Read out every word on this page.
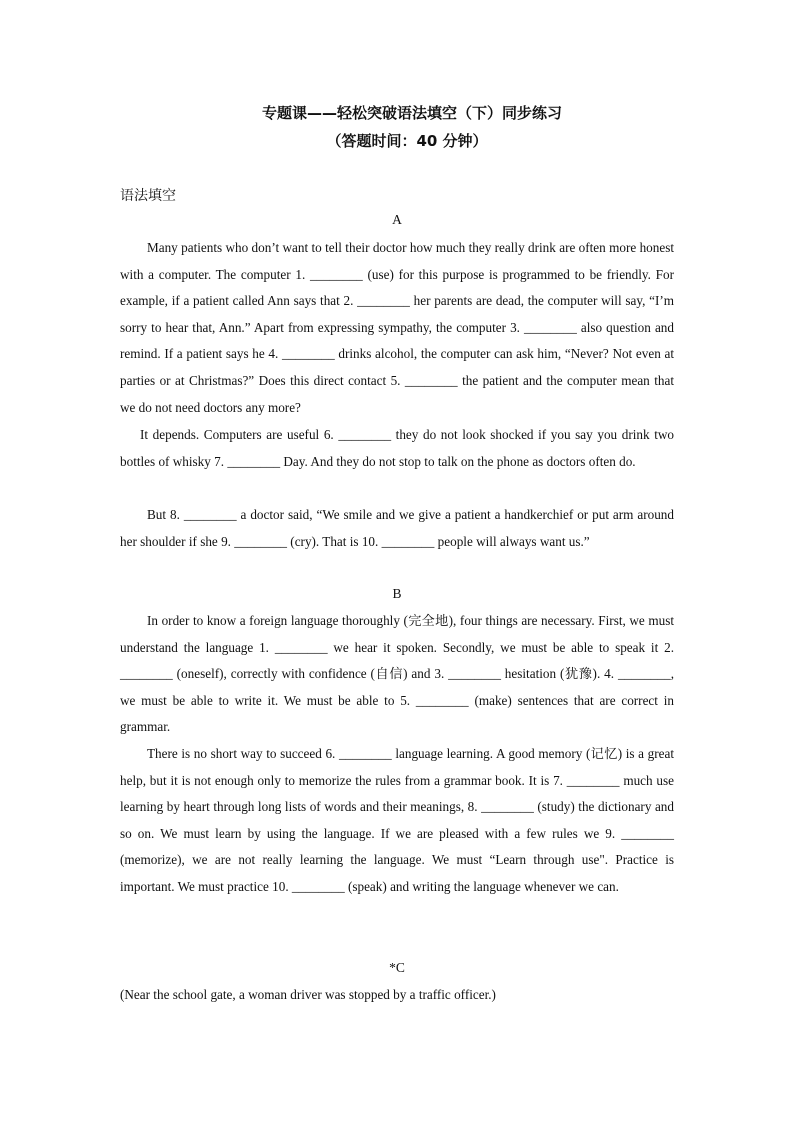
专题课——轻松突破语法填空（下）同步练习
（答题时间：40 分钟）
语法填空
A

Many patients who don’t want to tell their doctor how much they really drink are often more honest with a computer. The computer 1. ________ (use) for this purpose is programmed to be friendly. For example, if a patient called Ann says that 2. ________ her parents are dead, the computer will say, “I’m sorry to hear that, Ann.” Apart from expressing sympathy, the computer 3. ________ also question and remind. If a patient says he 4. ________ drinks alcohol, the computer can ask him, “Never? Not even at parties or at Christmas?” Does this direct contact 5. ________ the patient and the computer mean that we do not need doctors any more?

It depends. Computers are useful 6. ________ they do not look shocked if you say you drink two bottles of whisky 7. ________ Day. And they do not stop to talk on the phone as doctors often do.

But 8. ________ a doctor said, “We smile and we give a patient a handkerchief or put arm around her shoulder if she 9. ________ (cry). That is 10. ________ people will always want us.”

B

In order to know a foreign language thoroughly (完全地), four things are necessary. First, we must understand the language 1. ________ we hear it spoken. Secondly, we must be able to speak it 2. ________ (oneself), correctly with confidence (自信) and 3. ________ hesitation (犹豫). 4. ________, we must be able to write it. We must be able to 5. ________ (make) sentences that are correct in grammar.

There is no short way to succeed 6. ________ language learning. A good memory (记忆) is a great help, but it is not enough only to memorize the rules from a grammar book. It is 7. ________ much use learning by heart through long lists of words and their meanings, 8. ________ (study) the dictionary and so on. We must learn by using the language. If we are pleased with a few rules we 9. ________ (memorize), we are not really learning the language. We must “Learn through use". Practice is important. We must practice 10. ________ (speak) and writing the language whenever we can.

*C

(Near the school gate, a woman driver was stopped by a traffic officer.)
